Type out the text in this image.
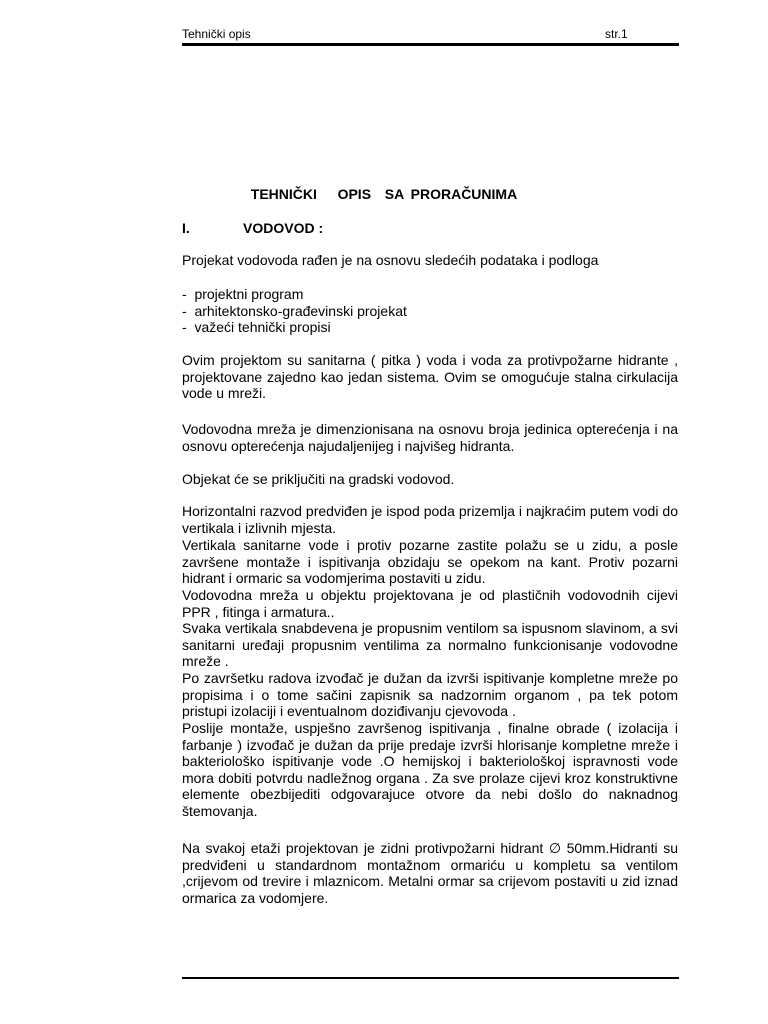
Tehnički opis	str.1
TEHNIČKI   OPIS  SA PRORAČUNIMA
I.	VODOVOD :

Projekat vodovoda rađen je na osnovu sledećih podataka i podloga

-  projektni program
-  arhitektonsko-građevinski projekat
-  važeći tehnički propisi

Ovim projektom su sanitarna ( pitka ) voda i voda za protivpožarne hidrante , projektovane zajedno kao jedan sistema. Ovim se omogućuje stalna cirkulacija vode u mreži.

Vodovodna mreža je dimenzionisana na osnovu broja jedinica opterećenja i na osnovu opterećenja najudaljenijeg i najvišeg hidranta.

Objekat će se priključiti na gradski vodovod.

Horizontalni razvod predviđen je ispod poda prizemlja i najkraćim putem vodi do vertikala i izlivnih mjesta.

Vertikala sanitarne vode i protiv pozarne zastite polažu se u zidu, a posle završene montaže i ispitivanja obzidaju se opekom na kant. Protiv pozarni hidrant i ormaric sa vodomjerima postaviti u zidu.

Vodovodna mreža u objektu projektovana je od plastičnih vodovodnih cijevi PPR , fitinga i armatura..

Svaka vertikala snabdevena je propusnim ventilom sa ispusnom slavinom, a svi sanitarni uređaji propusnim ventilima za normalno funkcionisanje vodovodne mreže .

Po završetku radova izvođač je dužan da izvrši ispitivanje kompletne mreže po propisima i o tome sačini zapisnik sa nadzornim organom , pa tek potom pristupi izolaciji i eventualnom doziđivanju cjevovoda .

Poslije montaže, uspješno završenog ispitivanja , finalne obrade ( izolacija i farbanje ) izvođač je dužan da prije predaje izvrši hlorisanje kompletne mreže i bakteriološko ispitivanje vode .O hemijskoj i bakteriološkoj ispravnosti vode mora dobiti potvrdu nadležnog organa . Za sve prolaze cijevi kroz konstruktivne elemente obezbijediti odgovarajuce otvore da nebi došlo do naknadnog štemovanja.

Na svakoj etaži projektovan je zidni protivpožarni hidrant ∅ 50mm.Hidranti su predviđeni u standardnom montažnom ormariću u kompletu sa ventilom ,crijevom od trevire i mlaznicom. Metalni ormar sa crijevom postaviti u zid iznad ormarica za vodomjere.
